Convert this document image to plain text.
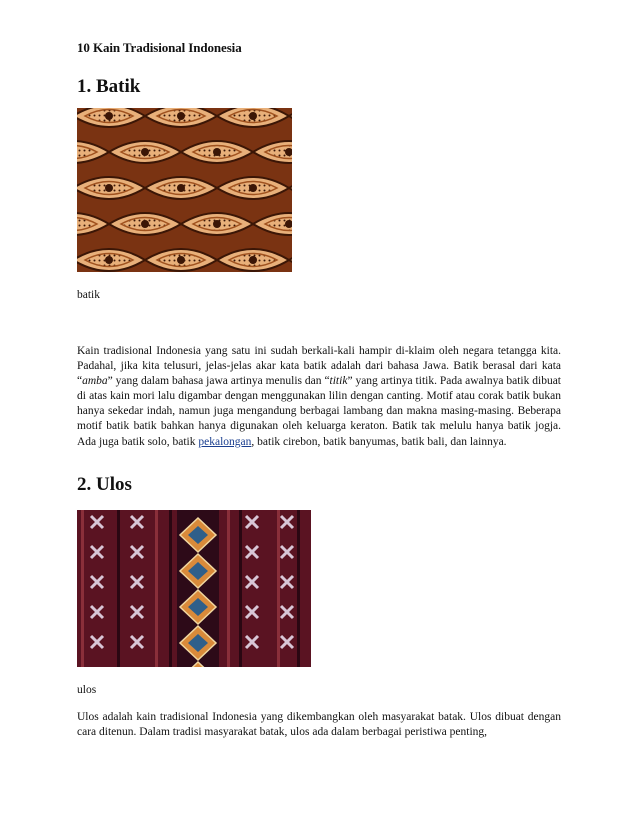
10 Kain Tradisional Indonesia
1. Batik
batik

Kain tradisional Indonesia yang satu ini sudah berkali-kali hampir di-klaim oleh negara tetangga kita. Padahal, jika kita telusuri, jelas-jelas akar kata batik adalah dari bahasa Jawa. Batik berasal dari kata “amba” yang dalam bahasa jawa artinya menulis dan “titik” yang artinya titik. Pada awalnya batik dibuat di atas kain mori lalu digambar dengan menggunakan lilin dengan canting. Motif atau corak batik bukan hanya sekedar indah, namun juga mengandung berbagai lambang dan makna masing-masing. Beberapa motif batik batik bahkan hanya digunakan oleh keluarga keraton. Batik tak melulu hanya batik jogja. Ada juga batik solo, batik pekalongan, batik cirebon, batik banyumas, batik bali, dan lainnya.

2. Ulos
ulos

Ulos adalah kain tradisional Indonesia yang dikembangkan oleh masyarakat batak. Ulos dibuat dengan cara ditenun. Dalam tradisi masyarakat batak, ulos ada dalam berbagai peristiwa penting,
